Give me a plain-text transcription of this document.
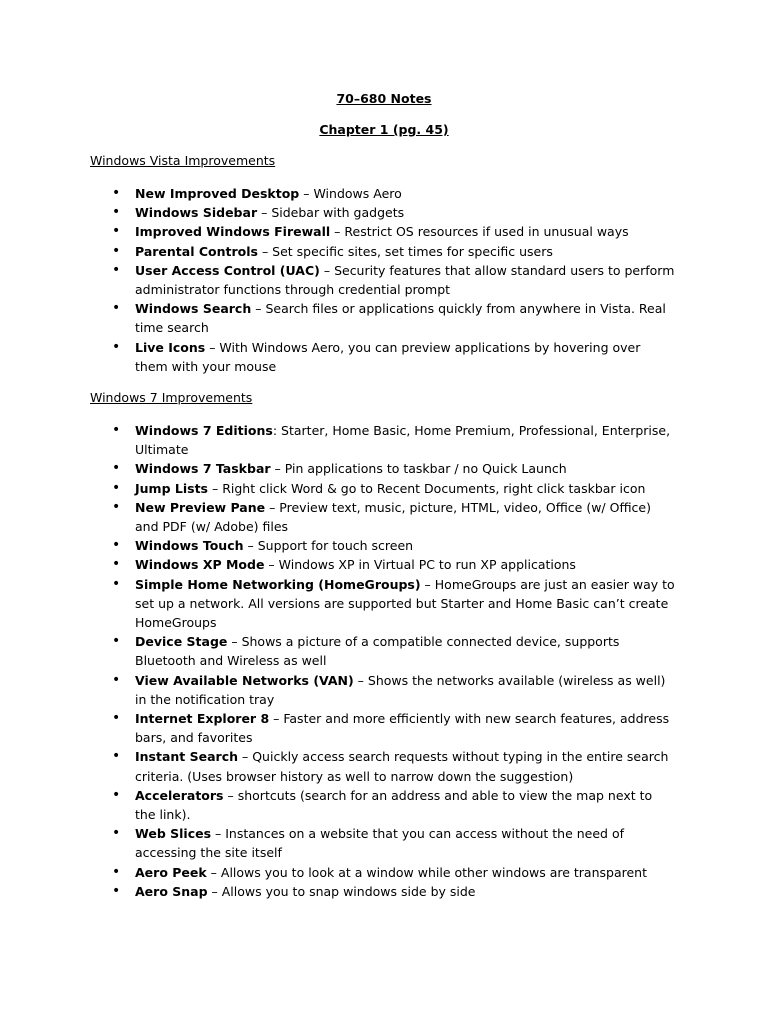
70–680 Notes

Chapter 1 (pg. 45)

Windows Vista Improvements

• New Improved Desktop – Windows Aero
• Windows Sidebar – Sidebar with gadgets
• Improved Windows Firewall – Restrict OS resources if used in unusual ways
• Parental Controls – Set specific sites, set times for specific users
• User Access Control (UAC) – Security features that allow standard users to perform administrator functions through credential prompt
• Windows Search – Search files or applications quickly from anywhere in Vista. Real time search
• Live Icons – With Windows Aero, you can preview applications by hovering over them with your mouse

Windows 7 Improvements

• Windows 7 Editions: Starter, Home Basic, Home Premium, Professional, Enterprise, Ultimate
• Windows 7 Taskbar – Pin applications to taskbar / no Quick Launch
• Jump Lists – Right click Word & go to Recent Documents, right click taskbar icon
• New Preview Pane – Preview text, music, picture, HTML, video, Office (w/ Office) and PDF (w/ Adobe) files
• Windows Touch – Support for touch screen
• Windows XP Mode – Windows XP in Virtual PC to run XP applications
• Simple Home Networking (HomeGroups) – HomeGroups are just an easier way to set up a network. All versions are supported but Starter and Home Basic can’t create HomeGroups
• Device Stage – Shows a picture of a compatible connected device, supports Bluetooth and Wireless as well
• View Available Networks (VAN) – Shows the networks available (wireless as well) in the notification tray
• Internet Explorer 8 – Faster and more efficiently with new search features, address bars, and favorites
• Instant Search – Quickly access search requests without typing in the entire search criteria. (Uses browser history as well to narrow down the suggestion)
• Accelerators – shortcuts (search for an address and able to view the map next to the link).
• Web Slices – Instances on a website that you can access without the need of accessing the site itself
• Aero Peek – Allows you to look at a window while other windows are transparent
• Aero Snap – Allows you to snap windows side by side
